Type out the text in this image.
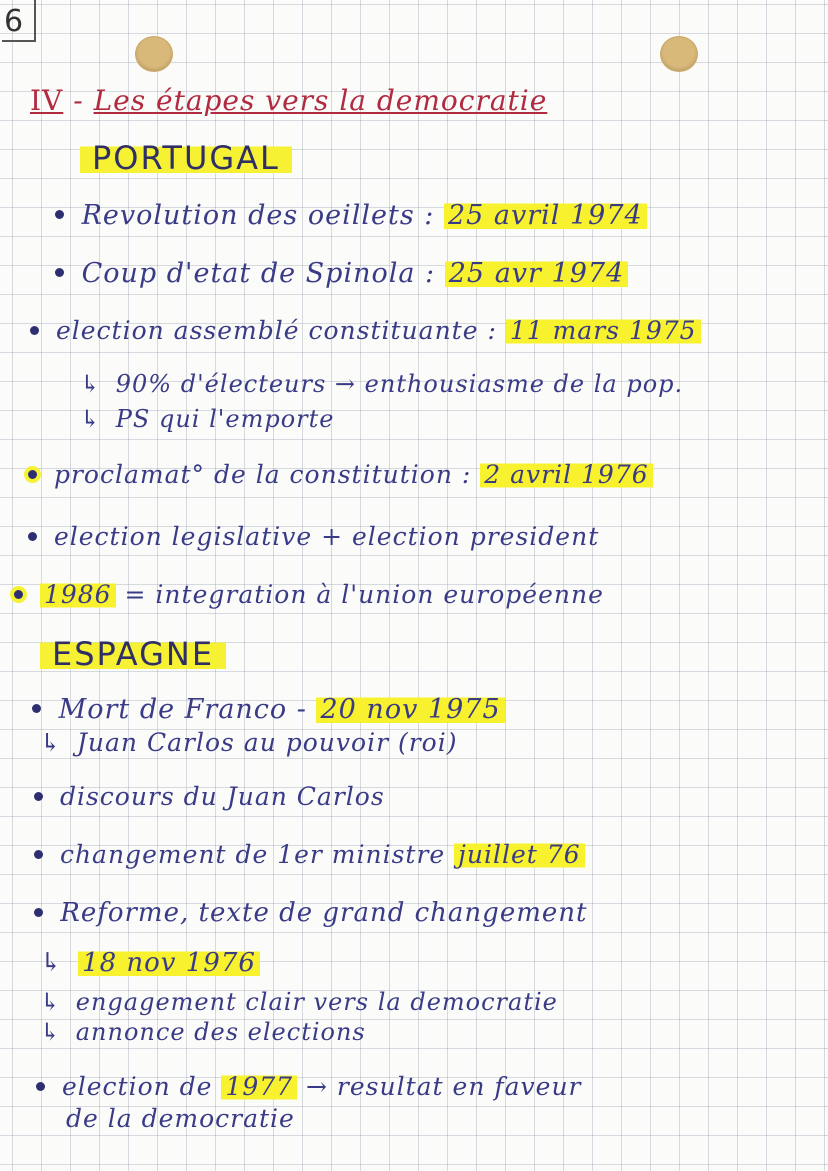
6
IV - Les étapes vers la democratie
PORTUGAL
Revolution des oeillets : 25 avril 1974
Coup d'etat de Spinola : 25 avr 1974
election assemblé constituante : 11 mars 1975
↳ 90% d'électeurs → enthousiasme de la pop.
↳ PS qui l'emporte
proclamat° de la constitution : 2 avril 1976
election legislative + election president
1986 = integration à l'union européenne
ESPAGNE
Mort de Franco - 20 nov 1975
↳ Juan Carlos au pouvoir (roi)
discours du Juan Carlos
changement de 1er ministre juillet 76
Reforme, texte de grand changement
↳ 18 nov 1976
↳ engagement clair vers la democratie
↳ annonce des elections
election de 1977 → resultat en faveur
de la democratie
